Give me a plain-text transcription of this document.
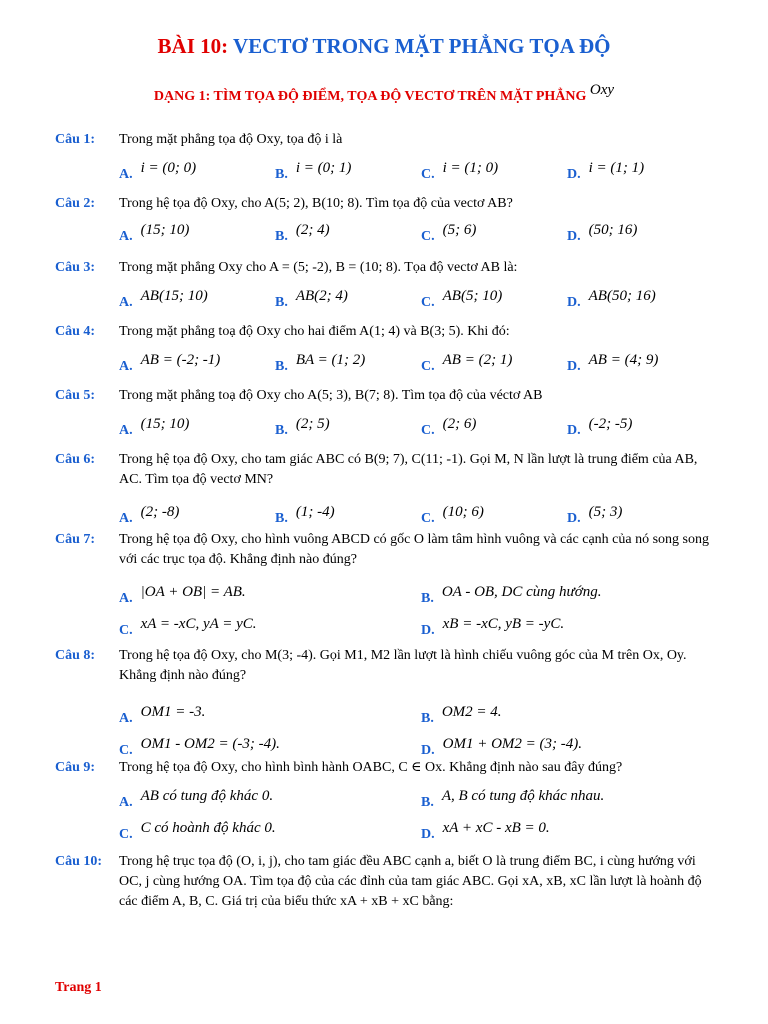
BÀI 10: VECTƠ TRONG MẶT PHẲNG TỌA ĐỘ
DẠNG 1: TÌM TỌA ĐỘ ĐIỂM, TỌA ĐỘ VECTƠ TRÊN MẶT PHẲNG Oxy
Câu 1: Trong mặt phẳng tọa độ Oxy, tọa độ i là
A. i = (0; 0)	B. i = (0; 1)	C. i = (1; 0)	D. i = (1; 1)
Câu 2: Trong hệ tọa độ Oxy, cho A(5; 2), B(10; 8). Tìm tọa độ của vectơ AB?
A. (15; 10)	B. (2; 4)	C. (5; 6)	D. (50; 16)
Câu 3: Trong mặt phẳng Oxy cho A = (5; -2), B = (10; 8). Tọa độ vectơ AB là:
A. AB(15; 10)	B. AB(2; 4)	C. AB(5; 10)	D. AB(50; 16)
Câu 4: Trong mặt phẳng toạ độ Oxy cho hai điểm A(1; 4) và B(3; 5). Khi đó:
A. AB = (-2; -1)	B. BA = (1; 2)	C. AB = (2; 1)	D. AB = (4; 9)
Câu 5: Trong mặt phẳng toạ độ Oxy cho A(5; 3), B(7; 8). Tìm tọa độ của véctơ AB
A. (15; 10)	B. (2; 5)	C. (2; 6)	D. (-2; -5)
Câu 6: Trong hệ tọa độ Oxy, cho tam giác ABC có B(9; 7), C(11; -1). Gọi M, N lần lượt là trung điểm của AB, AC. Tìm tọa độ vectơ MN?
A. (2; -8)	B. (1; -4)	C. (10; 6)	D. (5; 3)
Câu 7: Trong hệ tọa độ Oxy, cho hình vuông ABCD có gốc O làm tâm hình vuông và các cạnh của nó song song với các trục tọa độ. Khẳng định nào đúng?
A. |OA + OB| = AB.	B. OA - OB, DC cùng hướng.
C. xA = -xC, yA = yC.	D. xB = -xC, yB = -yC.
Câu 8: Trong hệ tọa độ Oxy, cho M(3; -4). Gọi M1, M2 lần lượt là hình chiếu vuông góc của M trên Ox, Oy. Khẳng định nào đúng?
A. OM1 = -3.	B. OM2 = 4.
C. OM1 - OM2 = (-3; -4).	D. OM1 + OM2 = (3; -4).
Câu 9: Trong hệ tọa độ Oxy, cho hình bình hành OABC, C ∈ Ox. Khẳng định nào sau đây đúng?
A. AB có tung độ khác 0.	B. A, B có tung độ khác nhau.
C. C có hoành độ khác 0.	D. xA + xC - xB = 0.
Câu 10: Trong hệ trục tọa độ (O, i, j), cho tam giác đều ABC cạnh a, biết O là trung điểm BC, i cùng hướng với OC, j cùng hướng OA. Tìm tọa độ của các đỉnh của tam giác ABC. Gọi xA, xB, xC lần lượt là hoành độ các điểm A, B, C. Giá trị của biểu thức xA + xB + xC bằng:
Trang 1
